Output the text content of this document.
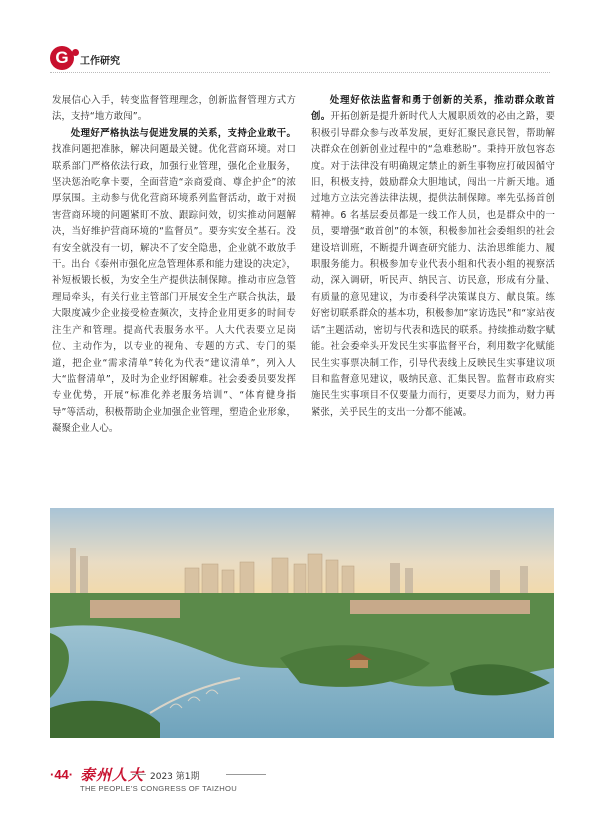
G	工作研究

发展信心入手，转变监督管理理念，创新监督管理方式方法，支持“地方敢闯”。

处理好严格执法与促进发展的关系，支持企业敢干。找准问题把准脉，解决问题最关键。优化营商环境。对口联系部门严格依法行政，加强行业管理，强化企业服务，坚决惩治吃拿卡要，全面营造“亲商爱商、尊企护企”的浓厚氛围。主动参与优化营商环境系列监督活动，敢于对损害营商环境的问题紧盯不放、跟踪问效，切实推动问题解决，当好维护营商环境的“监督员”。要夯实安全基石。没有安全就没有一切，解决不了安全隐患，企业就不敢放手干。出台《泰州市强化应急管理体系和能力建设的决定》，补短板锻长板，为安全生产提供法制保障。推动市应急管理局牵头，有关行业主管部门开展安全生产联合执法，最大限度减少企业接受检查频次，支持企业用更多的时间专注生产和管理。提高代表服务水平。人大代表要立足岗位、主动作为，以专业的视角、专题的方式、专门的渠道，把企业“需求清单”转化为代表“建议清单”，列入人大“监督清单”，及时为企业纾困解难。社会委委员要发挥专业优势，开展“标准化养老服务培训”、“体育健身指导”等活动，积极帮助企业加强企业管理，塑造企业形象，凝聚企业人心。

处理好依法监督和勇于创新的关系，推动群众敢首创。开拓创新是提升新时代人大履职质效的必由之路，要积极引导群众参与改革发展，更好汇聚民意民智，帮助解决群众在创新创业过程中的“急难愁盼”。秉持开放包容态度。对于法律没有明确规定禁止的新生事物应打破因循守旧，积极支持，鼓励群众大胆地试，闯出一片新天地。通过地方立法完善法律法规，提供法制保障。率先弘扬首创精神。6 名基层委员都是一线工作人员，也是群众中的一员，要增强“敢首创”的本领，积极参加社会委组织的社会建设培训班，不断提升调查研究能力、法治思维能力、履职服务能力。积极参加专业代表小组和代表小组的视察活动，深入调研，听民声、纳民言、访民意，形成有分量、有质量的意见建议，为市委科学决策谋良方、献良策。练好密切联系群众的基本功，积极参加“家访选民”和“家站夜话”主题活动，密切与代表和选民的联系。持续推动数字赋能。社会委牵头开发民生实事监督平台，利用数字化赋能民生实事票决制工作，引导代表线上反映民生实事建议项目和监督意见建议，吸纳民意、汇集民智。监督市政府实施民生实事项目不仅要量力而行，更要尽力而为，财力再紧张，关乎民生的支出一分都不能减。

·44· 泰州人大 2023 第1期
THE PEOPLE’S CONGRESS OF TAIZHOU
